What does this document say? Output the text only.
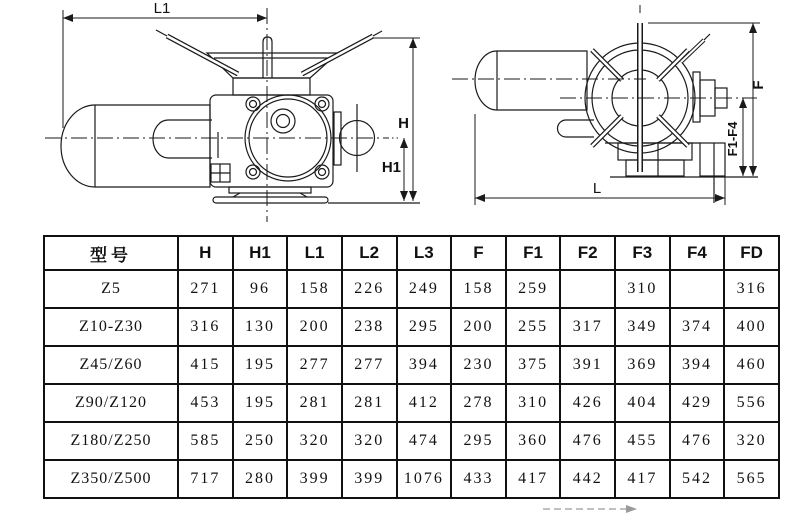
L1
H
H1
F
F1-F4
L
型号	H	H1	L1	L2	L3	F	F1	F2	F3	F4	FD
Z5	271	96	158	226	249	158	259		310		316
Z10-Z30	316	130	200	238	295	200	255	317	349	374	400
Z45/Z60	415	195	277	277	394	230	375	391	369	394	460
Z90/Z120	453	195	281	281	412	278	310	426	404	429	556
Z180/Z250	585	250	320	320	474	295	360	476	455	476	320
Z350/Z500	717	280	399	399	1076	433	417	442	417	542	565
